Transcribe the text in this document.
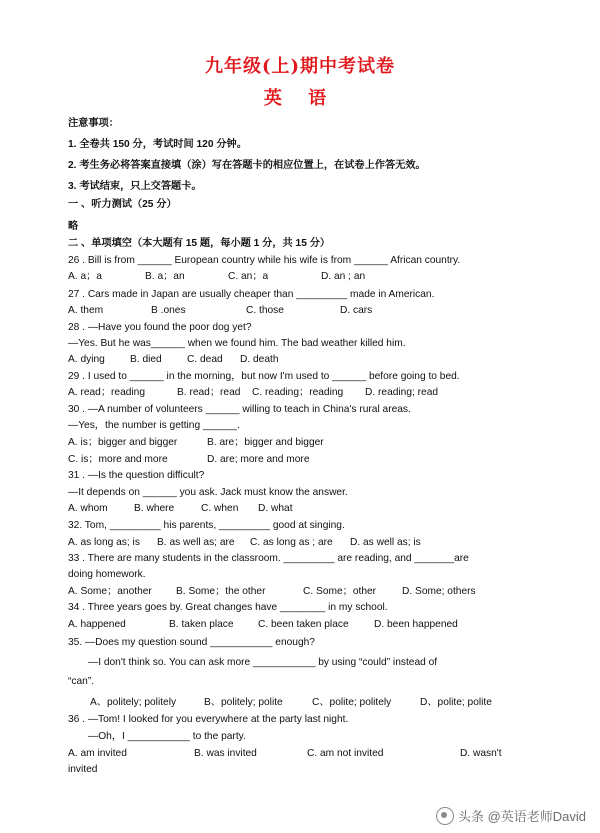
九年级(上)期中考试卷
英 语
注意事项：
1. 全卷共 150 分，考试时间 120 分钟。
2. 考生务必将答案直接填（涂）写在答题卡的相应位置上，在试卷上作答无效。
3. 考试结束，只上交答题卡。
一 、听力测试（25 分）
略
二 、单项填空（本大题有 15 题，每小题 1 分，共 15 分）
26 . Bill is from ______ European country while his wife is from ______ African country.
A. a；a	B. a；an	C. an；a	D. an ; an
27 . Cars made in Japan are usually cheaper than _________ made in American.
A. them	B .ones	C. those	D. cars
28 . —Have you found the poor dog yet?
—Yes. But he was______ when we found him. The bad weather killed him.
A. dying B. died C. dead D. death
29 . I used to ______ in the morning，but now I'm used to ______ before going to bed.
A. read；reading	B. read；read C. reading；reading D. reading; read
30 . —A number of volunteers ______ willing to teach in China's rural areas.
—Yes，the number is getting ______.
A. is；bigger and bigger	B. are；bigger and bigger
C. is；more and more	D. are; more and more
31 . —Is the question difficult?
—It depends on ______ you ask. Jack must know the answer.
A. whom	B. where	C. when D. what
32. Tom, _________ his parents, _________ good at singing.
A. as long as; is B. as well as; are C. as long as ; are D. as well as; is
33 . There are many students in the classroom. _________ are reading, and _______are
doing homework.
A. Some；another B. Some；the other	C. Some；other	D. Some; others
34 . Three years goes by. Great changes have ________ in my school.
A. happened	B. taken place C. been taken place D. been happened
35. —Does my question sound ___________ enough?
—I don't think so. You can ask more ___________ by using “could” instead of
“can”.
A、politely; politely	B、politely; polite	C、polite; politely	D、polite; polite
36 . —Tom! I looked for you everywhere at the party last night.
—Oh，I ___________ to the party.
A. am invited	B. was invited	C. am not invited	D. wasn't
invited
头条 @英语老师David
